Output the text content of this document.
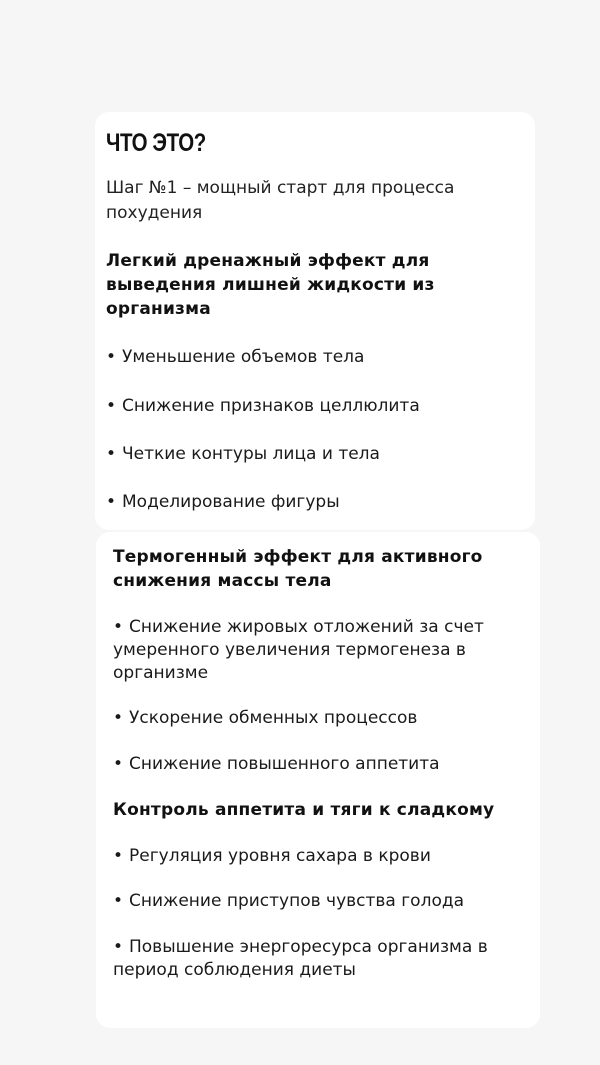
ЧТО ЭТО?
Шаг №1 – мощный старт для процесса похудения
Легкий дренажный эффект для выведения лишней жидкости из организма
• Уменьшение объемов тела
• Снижение признаков целлюлита
• Четкие контуры лица и тела
• Моделирование фигуры
Термогенный эффект для активного снижения массы тела
• Снижение жировых отложений за счет умеренного увеличения термогенеза в организме
• Ускорение обменных процессов
• Снижение повышенного аппетита
Контроль аппетита и тяги к сладкому
• Регуляция уровня сахара в крови
• Снижение приступов чувства голода
• Повышение энергоресурса организма в период соблюдения диеты
